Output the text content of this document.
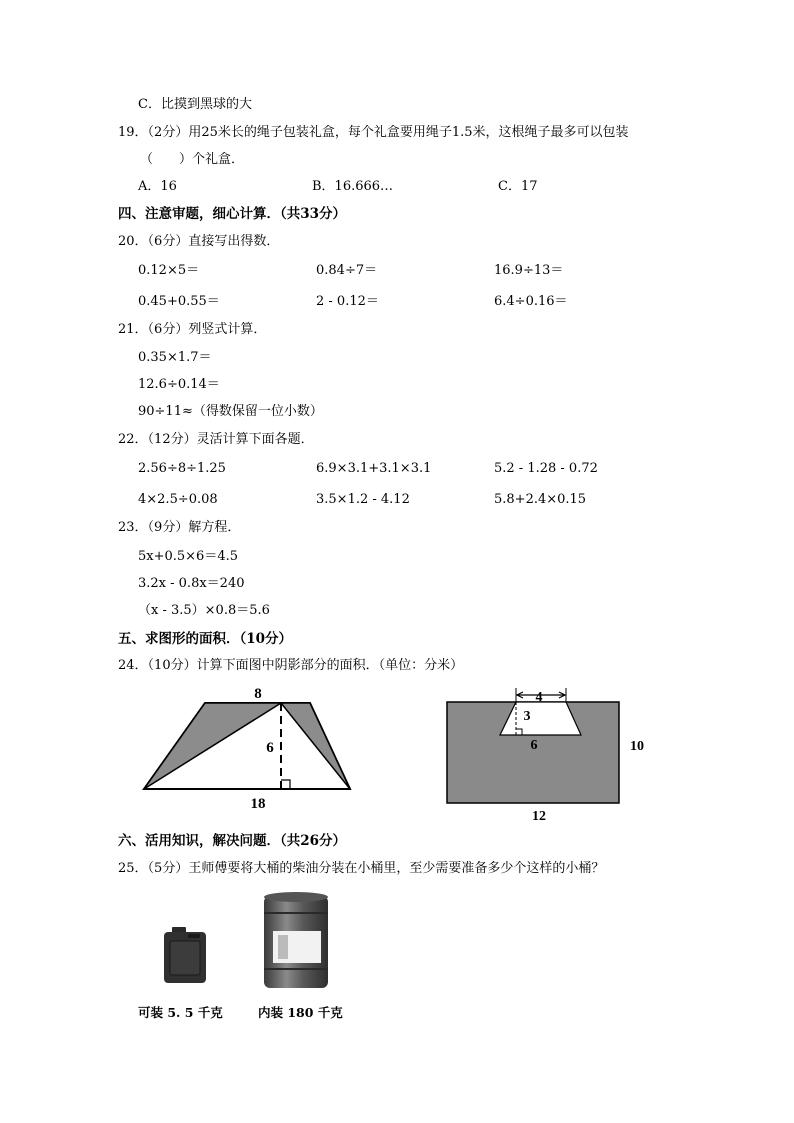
C．比摸到黑球的大
19．（2分）用25米长的绳子包装礼盒，每个礼盒要用绳子1.5米，这根绳子最多可以包装
（　　）个礼盒．
A．16	B．16.666…	C．17
四、注意审题，细心计算．（共33分）
20．（6分）直接写出得数．
0.12×5＝	0.84÷7＝	16.9÷13＝
0.45+0.55＝	2 - 0.12＝	6.4÷0.16＝
21．（6分）列竖式计算．
0.35×1.7＝
12.6÷0.14＝
90÷11≈（得数保留一位小数）
22．（12分）灵活计算下面各题．
2.56÷8÷1.25	6.9×3.1+3.1×3.1	5.2 - 1.28 - 0.72
4×2.5÷0.08	3.5×1.2 - 4.12	5.8+2.4×0.15
23．（9分）解方程．
5x+0.5×6＝4.5
3.2x - 0.8x＝240
（x - 3.5）×0.8＝5.6
五、求图形的面积．（10分）
24．（10分）计算下面图中阴影部分的面积．（单位：分米）
8
6
18
4
3
6	10
12
六、活用知识，解决问题．（共26分）
25．（5分）王师傅要将大桶的柴油分装在小桶里，至少需要准备多少个这样的小桶？
可装 5. 5 千克	内装 180 千克
